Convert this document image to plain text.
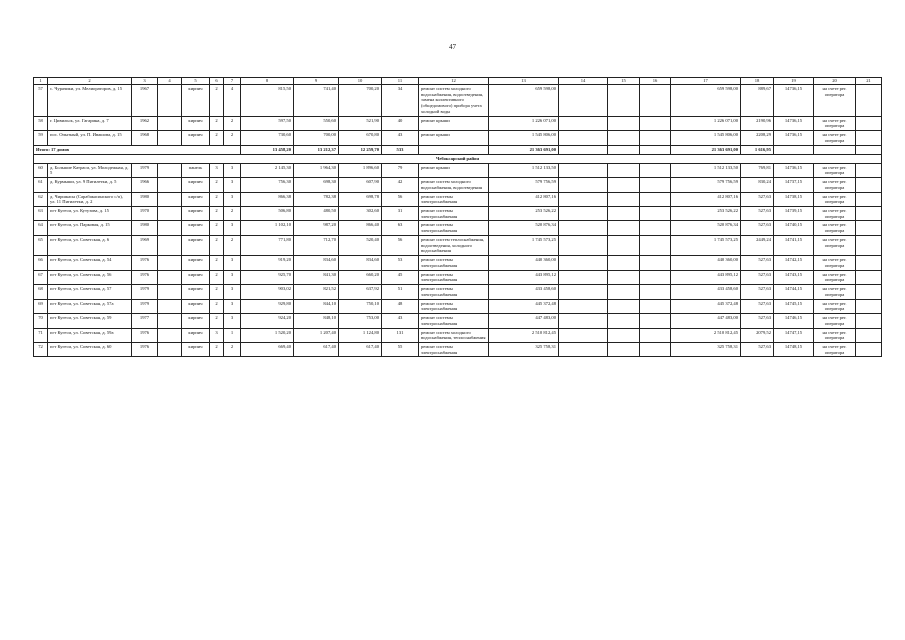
47
1	2	3	4	5	6	7	8	9	10	11	12	13	14	15	16	17	18	19	20	21
57	с. Чурачики, ул. Мелиораторов, д. 15	1967		кирпич	2	4	815,50	741,40	700,20	34	ремонт систем холодного водоснабжения, водоотведения, замена коллективного (общедомового) прибора учета холодной воды	659 598,00				659 598,00	889,67	14736,15	на счете рег. оператора	
58	г. Цивильск, ул. Гагарина, д. 7	1962		кирпич	2	2	597,50	550,60	521,90	40	ремонт крыши	1 226 071,00				1 226 071,00	2190,96	14736,15	на счете рег. оператора	
59	пос. Опытный, ул. П. Ивашова, д. 15	1968		кирпич	2	2	730,60	700,00	670,80	43	ремонт крыши	1 545 806,00				1 545 806,00	2208,29	14736,15	на счете рег. оператора	
Итого: 17 домов							13 458,20	13 212,37	12 259,70	533		21 363 691,00				21 363 691,00	1 616,95			
Чебоксарский район																				
60	д. Большие Катраси, ул. Молодежная, д. 5	1979		панель	3	3	2 145,30	1 964,30	1 896,60	79	ремонт крыши	1 512 133,50				1 512 133,50	769,81	14736,15	на счете рег. оператора	
61	д. Курмыши, ул. 9 Пятилетки, д. 5	1966		кирпич	2	3	756,30	698,30	607,90	42	ремонт систем холодного водоснабжения, водоотведения	579 756,59				579 756,59	830,24	14737,15	на счете рег. оператора	
62	д. Чиршкасы (Сарабакасинского с/п), ул. 11 Пятилетки, д. 2	1980		кирпич	2	3	866,38	782,38	698,78	56	ремонт системы электроснабжения	412 807,16				412 807,16	527,63	14738,15	на счете рег. оператора	
63	пгт Кугеси, ул. Кутузова, д. 15	1970		кирпич	2	2	506,80	480,50	302,60	31	ремонт системы электроснабжения	253 526,22				253 526,22	527,63	14739,15	на счете рег. оператора	
64	пгт Кугеси, ул. Парковая, д. 15	1980		кирпич	2	3	1 102,10	987,20	866,40	63	ремонт системы электроснабжения	520 876,34				520 876,34	527,63	14740,15	на счете рег. оператора	
65	пгт Кугеси, ул. Советская, д. 6	1969		кирпич	2	2	771,80	712,70	520,40	56	ремонт систем теплоснабжения, водоотведения, холодного водоснабжения	1 745 573,25				1 745 573,25	2449,24	14741,15	на счете рег. оператора	
66	пгт Кугеси, ул. Советская, д. 54	1976		кирпич	2	3	919,20	834,60	834,60	53	ремонт системы электроснабжения	440 360,00				440 360,00	527,63	14742,15	на счете рег. оператора	
67	пгт Кугеси, ул. Советская, д. 56	1976		кирпич	2	3	925,70	841,30	660,20	45	ремонт системы электроснабжения	443 895,12				443 895,12	527,63	14743,15	на счете рег. оператора	
68	пгт Кугеси, ул. Советская, д. 57	1979		кирпич	2	3	903,02	821,52	637,92	51	ремонт системы электроснабжения	433 458,60				433 458,60	527,63	14744,15	на счете рег. оператора	
69	пгт Кугеси, ул. Советская, д. 57а	1979		кирпич	2	3	929,80	844,10	750,10	48	ремонт системы электроснабжения	445 372,48				445 372,48	527,63	14745,15	на счете рег. оператора	
70	пгт Кугеси, ул. Советская, д. 59	1977		кирпич	2	3	924,20	848,10	753,00	43	ремонт системы электроснабжения	447 483,00				447 483,00	527,63	14746,15	на счете рег. оператора	
71	пгт Кугеси, ул. Советская, д. 59а	1976		кирпич	3	1	1 520,20	1 207,40	1 124,80	131	ремонт систем холодного водоснабжения, теплоснабжения	2 510 812,45				2 510 812,45	2079,52	14747,15	на счете рег. оператора	
72	пгт Кугеси, ул. Советская, д. 60	1976		кирпич	2	2	669,40	617,40	617,40	55	ремонт системы электроснабжения	325 758,31				325 758,31	527,63	14748,15	на счете рег. оператора	
